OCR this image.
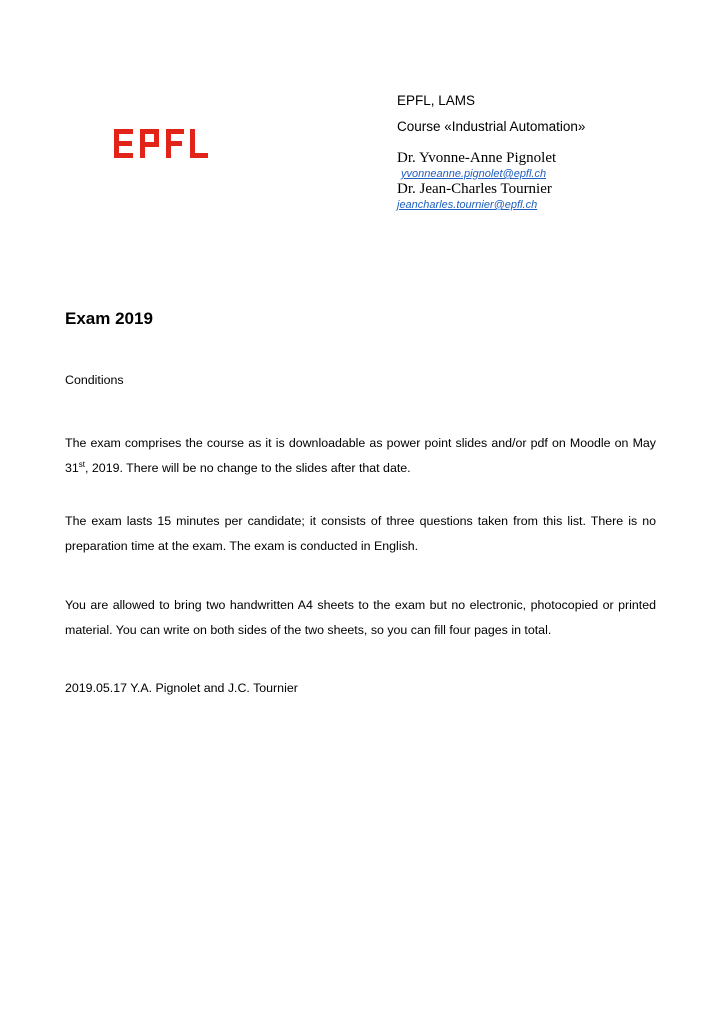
EPFL, LAMS
Course «Industrial Automation»
Dr. Yvonne-Anne Pignolet
yvonneanne.pignolet@epfl.ch
Dr. Jean-Charles Tournier
jeancharles.tournier@epfl.ch
Exam 2019
Conditions
The exam comprises the course as it is downloadable as power point slides and/or pdf on Moodle on May 31st, 2019. There will be no change to the slides after that date.
The exam lasts 15 minutes per candidate; it consists of three questions taken from this list. There is no preparation time at the exam. The exam is conducted in English.
You are allowed to bring two handwritten A4 sheets to the exam but no electronic, photocopied or printed material. You can write on both sides of the two sheets, so you can fill four pages in total.
2019.05.17 Y.A. Pignolet and J.C. Tournier
